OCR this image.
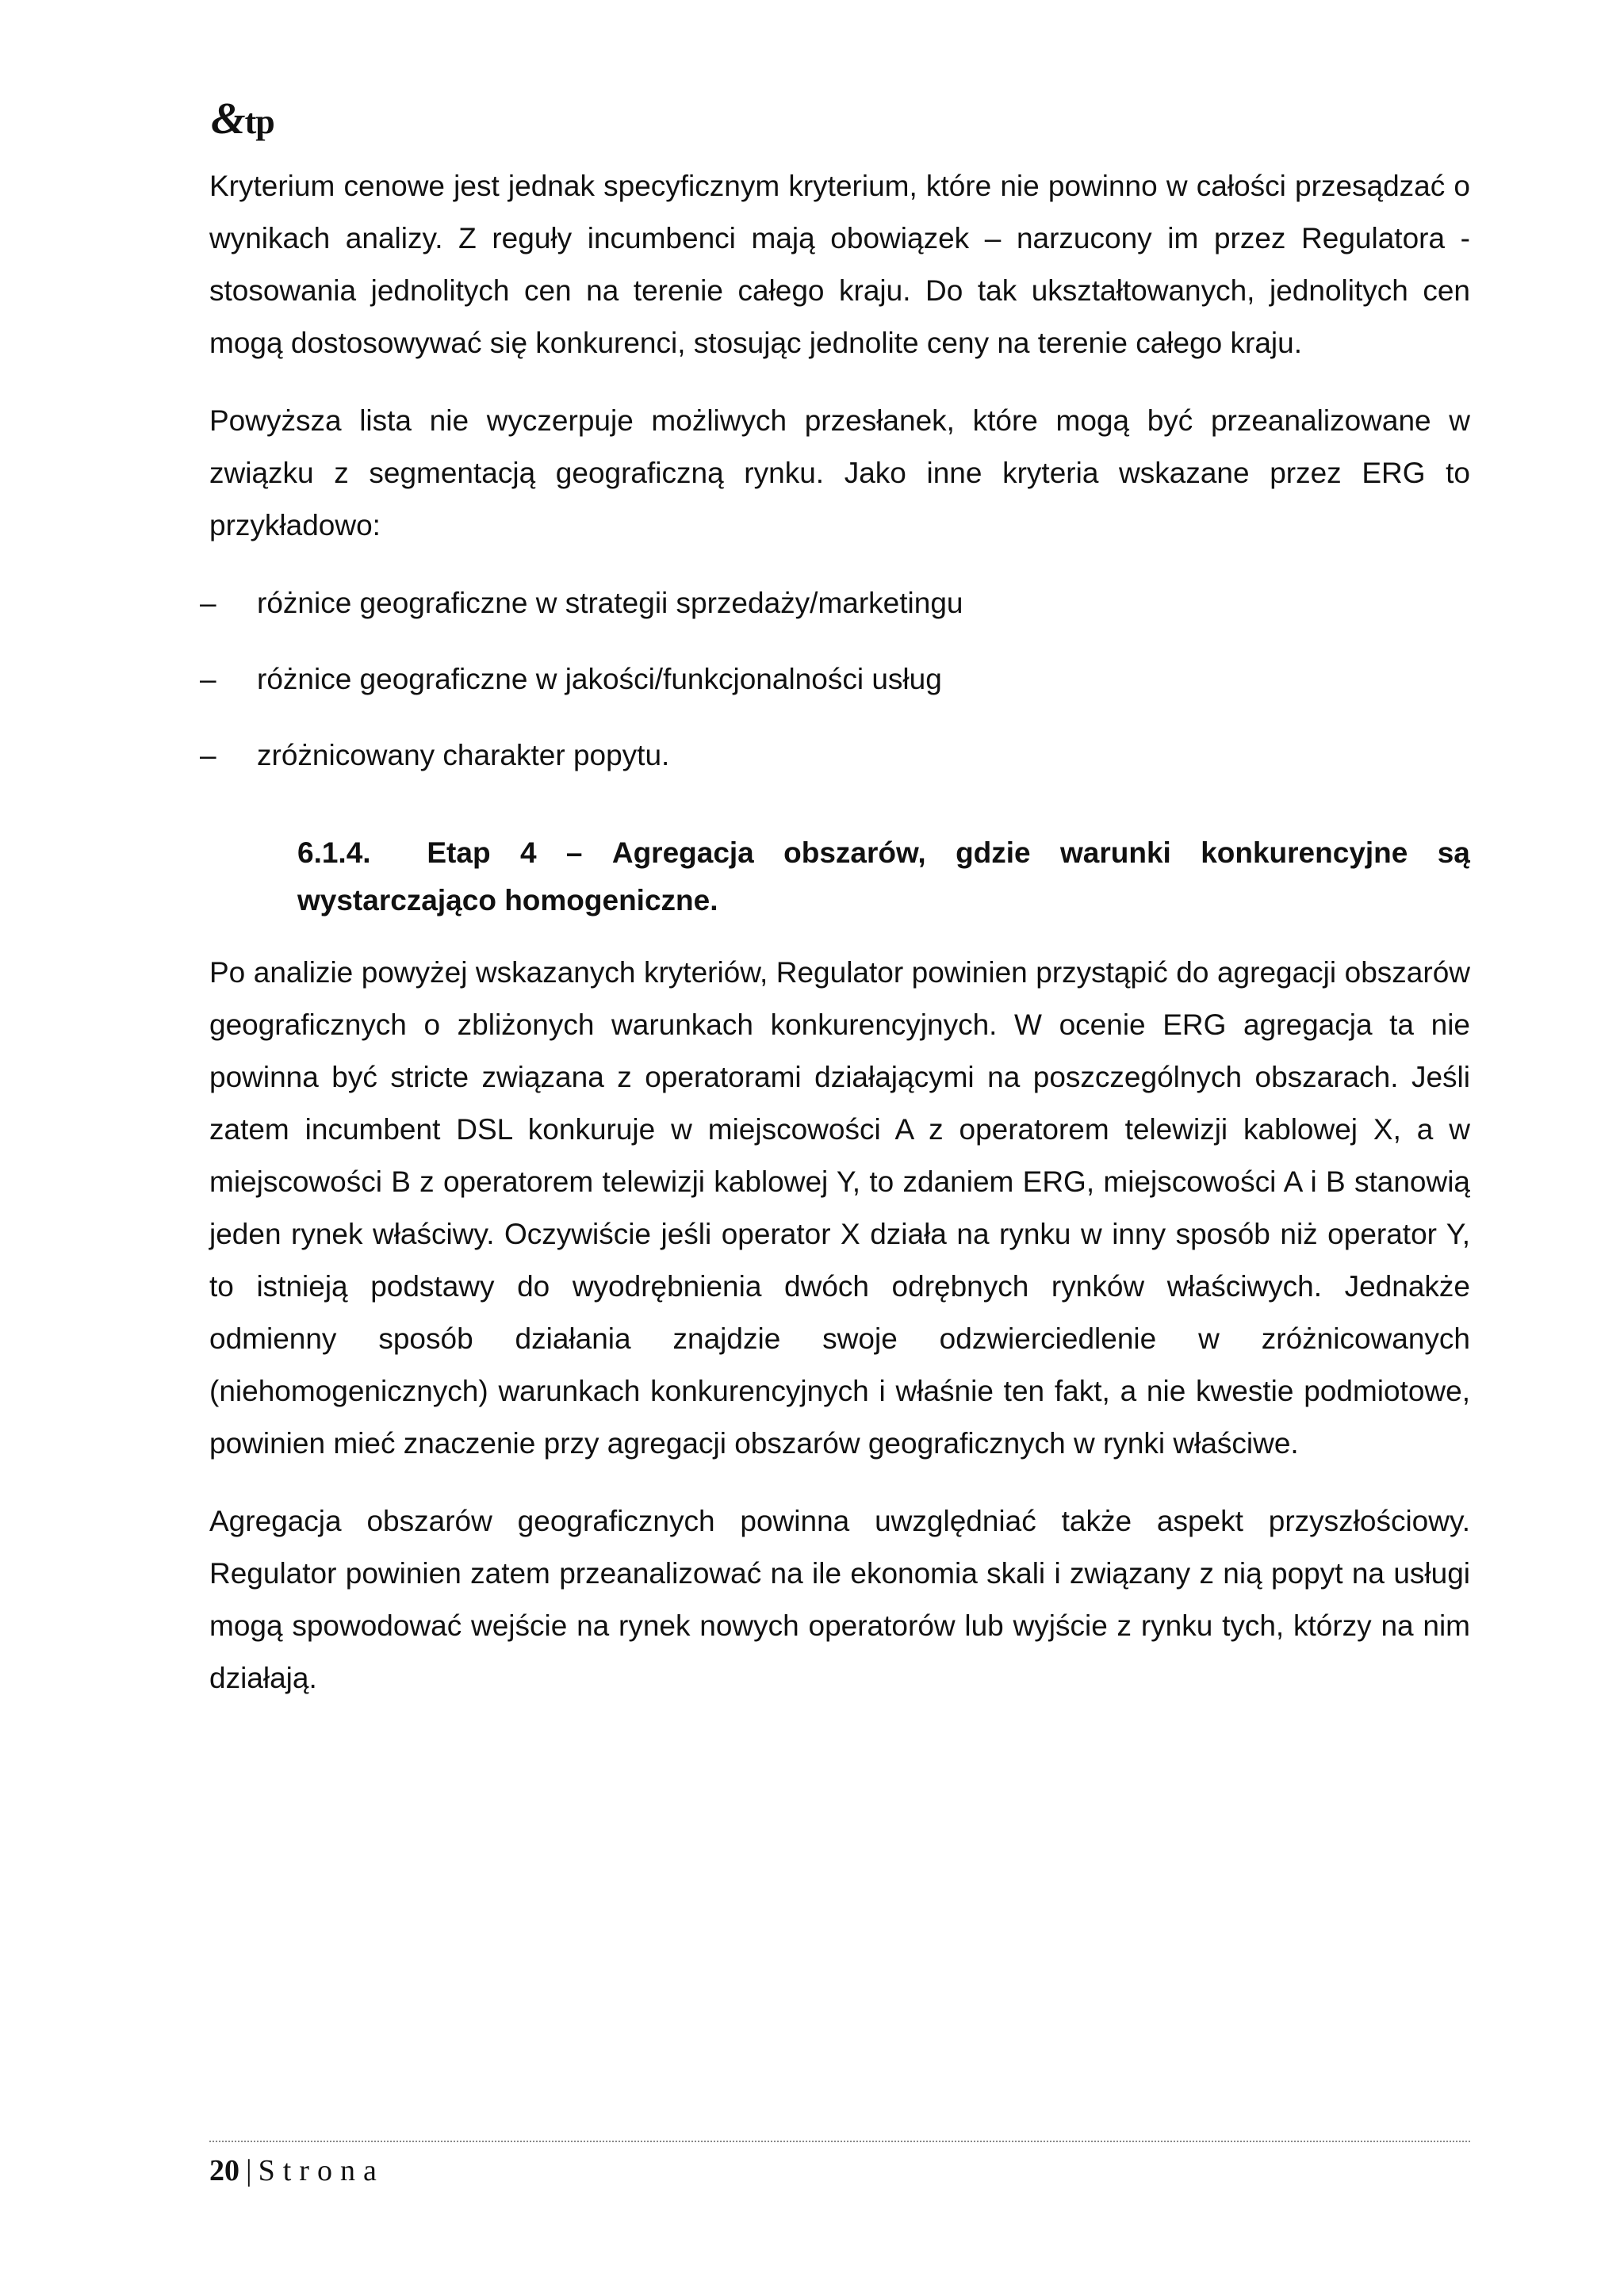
&tp

Kryterium cenowe jest jednak specyficznym kryterium, które nie powinno w całości przesądzać o wynikach analizy. Z reguły incumbenci mają obowiązek – narzucony im przez Regulatora - stosowania jednolitych cen na terenie całego kraju. Do tak ukształtowanych, jednolitych cen mogą dostosowywać się konkurenci, stosując jednolite ceny na terenie całego kraju.

Powyższa lista nie wyczerpuje możliwych przesłanek, które mogą być przeanalizowane w związku z segmentacją geograficzną rynku. Jako inne kryteria wskazane przez ERG to przykładowo:

– różnice geograficzne w strategii sprzedaży/marketingu
– różnice geograficzne w jakości/funkcjonalności usług
– zróżnicowany charakter popytu.
6.1.4.	Etap 4 – Agregacja obszarów, gdzie warunki konkurencyjne są
wystarczająco homogeniczne.

Po analizie powyżej wskazanych kryteriów, Regulator powinien przystąpić do agregacji obszarów geograficznych o zbliżonych warunkach konkurencyjnych. W ocenie ERG agregacja ta nie powinna być stricte związana z operatorami działającymi na poszczególnych obszarach. Jeśli zatem incumbent DSL konkuruje w miejscowości A z operatorem telewizji kablowej X, a w miejscowości B z operatorem telewizji kablowej Y, to zdaniem ERG, miejscowości A i B stanowią jeden rynek właściwy. Oczywiście jeśli operator X działa na rynku w inny sposób niż operator Y, to istnieją podstawy do wyodrębnienia dwóch odrębnych rynków właściwych. Jednakże odmienny sposób działania znajdzie swoje odzwierciedlenie w zróżnicowanych (niehomogenicznych) warunkach konkurencyjnych i właśnie ten fakt, a nie kwestie podmiotowe, powinien mieć znaczenie przy agregacji obszarów geograficznych w rynki właściwe.

Agregacja obszarów geograficznych powinna uwzględniać także aspekt przyszłościowy. Regulator powinien zatem przeanalizować na ile ekonomia skali i związany z nią popyt na usługi mogą spowodować wejście na rynek nowych operatorów lub wyjście z rynku tych, którzy na nim działają.

20 | Strona
